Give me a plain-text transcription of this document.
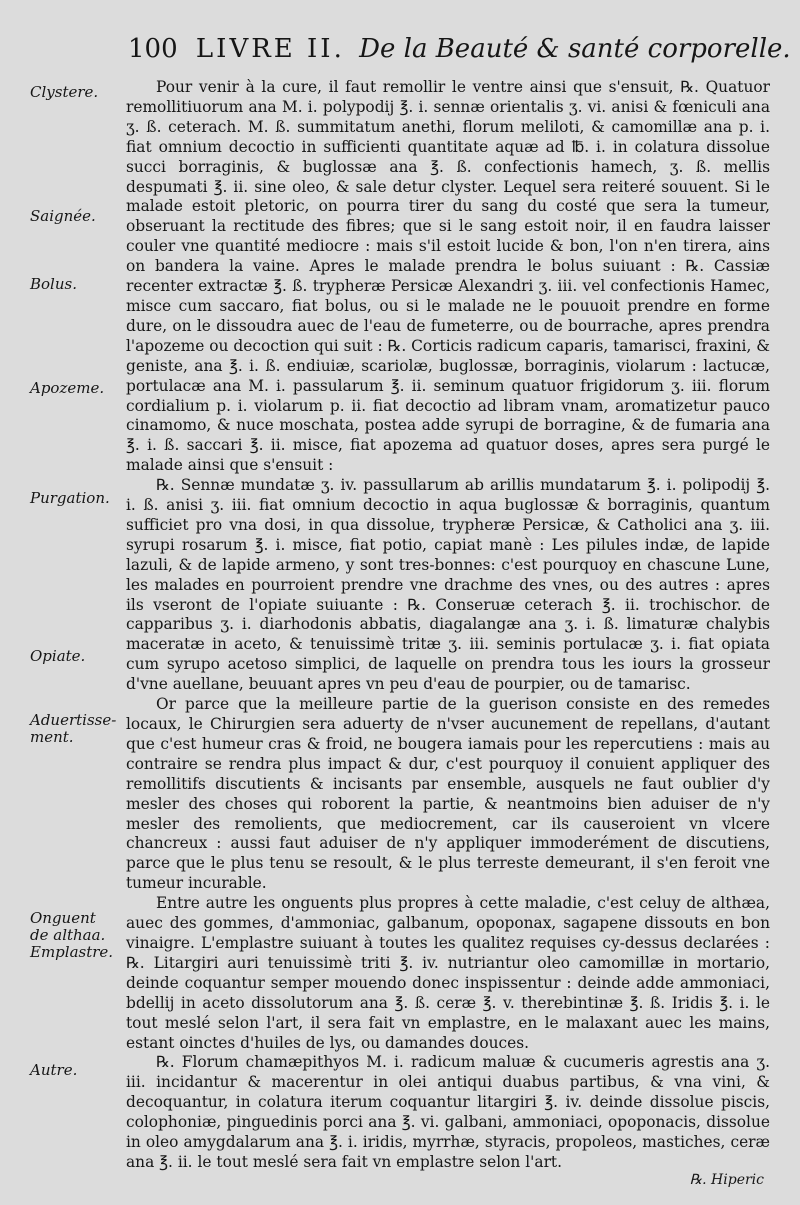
100 LIVRE II. De la Beauté & santé corporelle.
Clystere.
Saignée.
Bolus.
Apozeme.
Purgation.
Opiate.
Aduertisse-ment.
Onguent de althaa. Emplastre.
Autre.

Pour venir à la cure, il faut remollir le ventre ainsi que s'ensuit, ℞. Quatuor remollitiuorum ana M. i. polypodij ℥. i. sennæ orientalis ʒ. vi. anisi & fœniculi ana ʒ. ß. ceterach. M. ß. summitatum anethi, florum meliloti, & camomillæ ana p. i. fiat omnium decoctio in sufficienti quantitate aquæ ad ℔. i. in colatura dissolue succi borraginis, & buglossæ ana ℥. ß. confectionis hamech, ʒ. ß. mellis despumati ℥. ii. sine oleo, & sale detur clyster. Lequel sera reiteré souuent. Si le malade estoit pletoric, on pourra tirer du sang du costé que sera la tumeur, obseruant la rectitude des fibres; que si le sang estoit noir, il en faudra laisser couler vne quantité mediocre : mais s'il estoit lucide & bon, l'on n'en tirera, ains on bandera la vaine. Apres le malade prendra le bolus suiuant : ℞. Cassiæ recenter extractæ ℥. ß. trypheræ Persicæ Alexandri ʒ. iii. vel confectionis Hamec, misce cum saccaro, fiat bolus, ou si le malade ne le pouuoit prendre en forme dure, on le dissoudra auec de l'eau de fumeterre, ou de bourrache, apres prendra l'apozeme ou decoction qui suit : ℞. Corticis radicum caparis, tamarisci, fraxini, & geniste, ana ℥. i. ß. endiuiæ, scariolæ, buglossæ, borraginis, violarum : lactucæ, portulacæ ana M. i. passularum ℥. ii. seminum quatuor frigidorum ʒ. iii. florum cordialium p. i. violarum p. ii. fiat decoctio ad libram vnam, aromatizetur pauco cinamomo, & nuce moschata, postea adde syrupi de borragine, & de fumaria ana ℥. i. ß. saccari ℥. ii. misce, fiat apozema ad quatuor doses, apres sera purgé le malade ainsi que s'ensuit :

℞. Sennæ mundatæ ʒ. iv. passullarum ab arillis mundatarum ℥. i. polipodij ℥. i. ß. anisi ʒ. iii. fiat omnium decoctio in aqua buglossæ & borraginis, quantum sufficiet pro vna dosi, in qua dissolue, trypheræ Persicæ, & Catholici ana ʒ. iii. syrupi rosarum ℥. i. misce, fiat potio, capiat manè : Les pilules indæ, de lapide lazuli, & de lapide armeno, y sont tres-bonnes: c'est pourquoy en chascune Lune, les malades en pourroient prendre vne drachme des vnes, ou des autres : apres ils vseront de l'opiate suiuante : ℞. Conseruæ ceterach ℥. ii. trochischor. de capparibus ʒ. i. diarhodonis abbatis, diagalangæ ana ʒ. i. ß. limaturæ chalybis maceratæ in aceto, & tenuissimè tritæ ʒ. iii. seminis portulacæ ʒ. i. fiat opiata cum syrupo acetoso simplici, de laquelle on prendra tous les iours la grosseur d'vne auellane, beuuant apres vn peu d'eau de pourpier, ou de tamarisc.

Or parce que la meilleure partie de la guerison consiste en des remedes locaux, le Chirurgien sera aduerty de n'vser aucunement de repellans, d'autant que c'est humeur cras & froid, ne bougera iamais pour les repercutiens : mais au contraire se rendra plus impact & dur, c'est pourquoy il conuient appliquer des remollitifs discutients & incisants par ensemble, ausquels ne faut oublier d'y mesler des choses qui roborent la partie, & neantmoins bien aduiser de n'y mesler des remolients, que mediocrement, car ils causeroient vn vlcere chancreux : aussi faut aduiser de n'y appliquer immoderément de discutiens, parce que le plus tenu se resoult, & le plus terreste demeurant, il s'en feroit vne tumeur incurable.

Entre autre les onguents plus propres à cette maladie, c'est celuy de althæa, auec des gommes, d'ammoniac, galbanum, opoponax, sagapene dissouts en bon vinaigre. L'emplastre suiuant à toutes les qualitez requises cy-dessus declarées : ℞. Litargiri auri tenuissimè triti ℥. iv. nutriantur oleo camomillæ in mortario, deinde coquantur semper mouendo donec inspissentur : deinde adde ammoniaci, bdellij in aceto dissolutorum ana ℥. ß. ceræ ℥. v. therebintinæ ℥. ß. Iridis ℥. i. le tout meslé selon l'art, il sera fait vn emplastre, en le malaxant auec les mains, estant oinctes d'huiles de lys, ou damandes douces.

℞. Florum chamæpithyos M. i. radicum maluæ & cucumeris agrestis ana ʒ. iii. incidantur & macerentur in olei antiqui duabus partibus, & vna vini, & decoquantur, in colatura iterum coquantur litargiri ℥. iv. deinde dissolue piscis, colophoniæ, pinguedinis porci ana ℥. vi. galbani, ammoniaci, opoponacis, dissolue in oleo amygdalarum ana ℥. i. iridis, myrrhæ, styracis, propoleos, mastiches, ceræ ana ℥. ii. le tout meslé sera fait vn emplastre selon l'art.

℞. Hiperic
